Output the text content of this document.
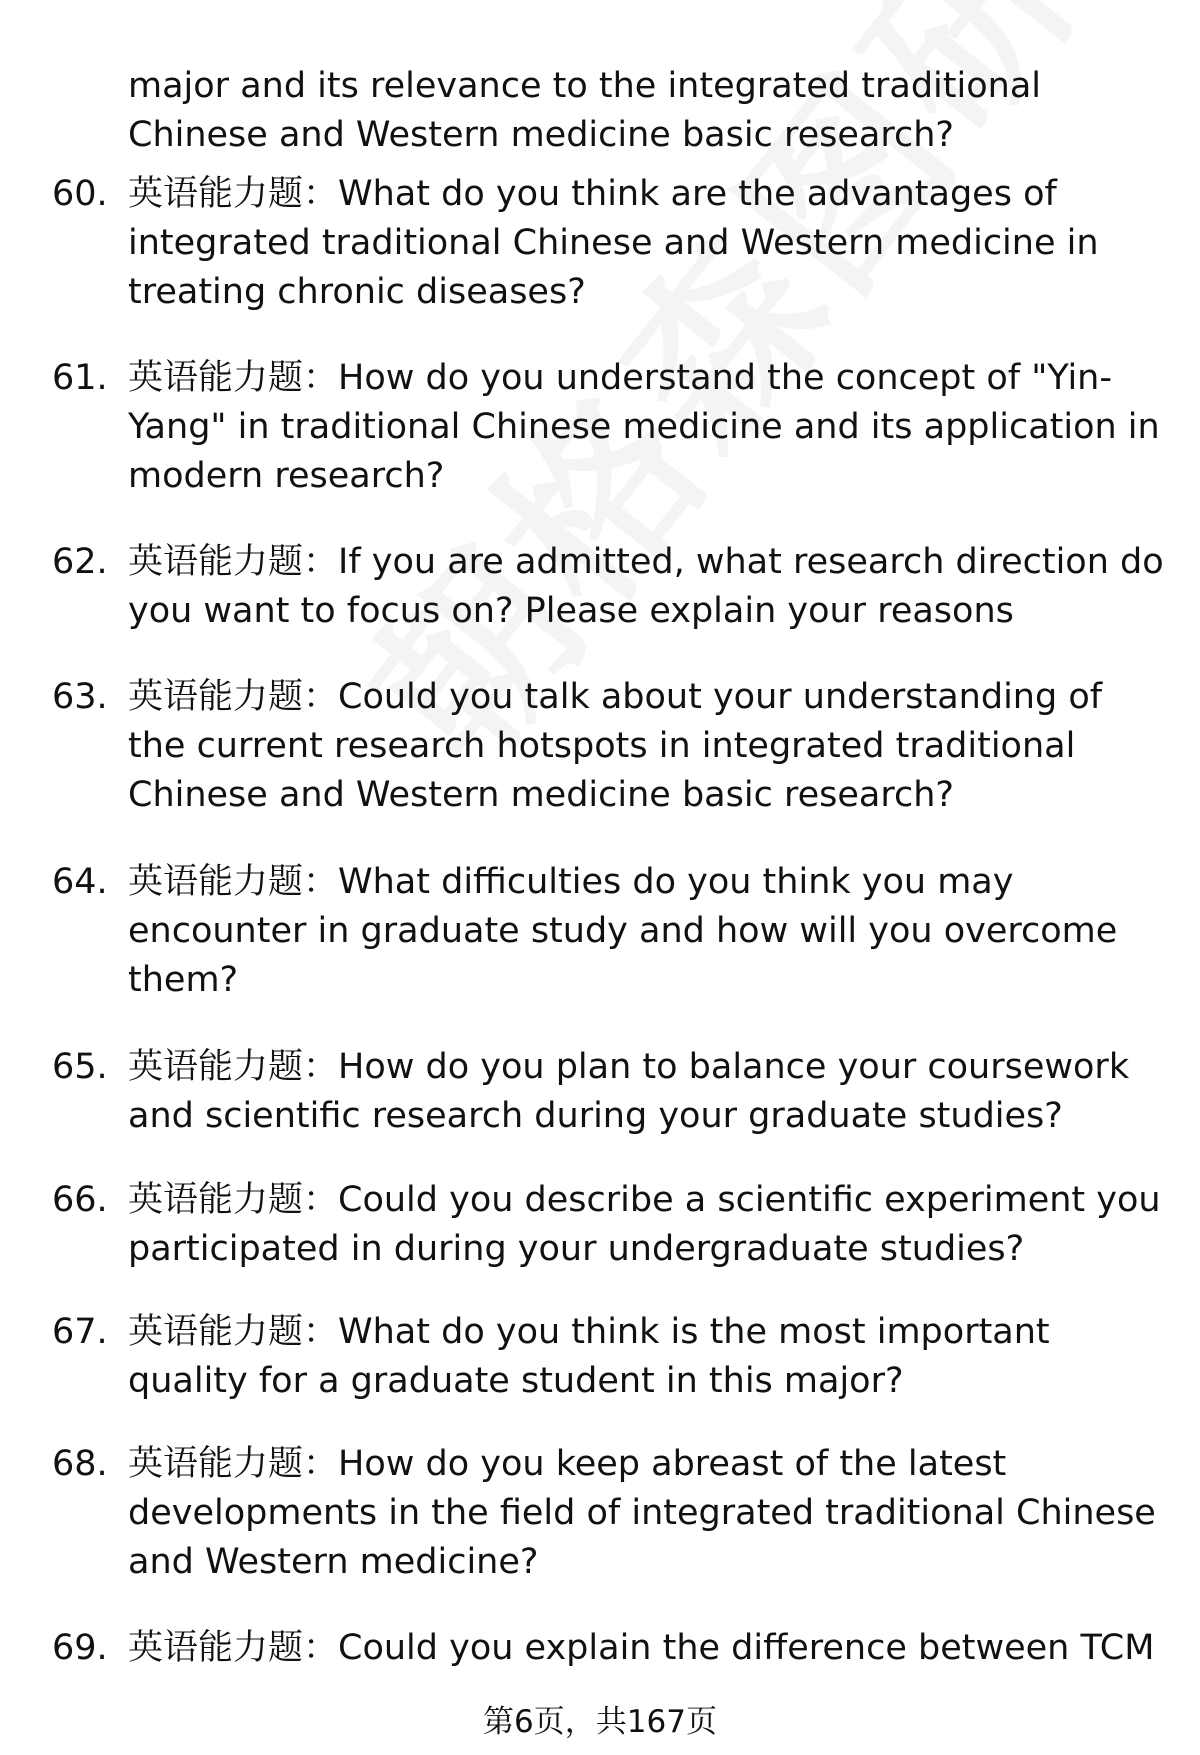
major and its relevance to the integrated traditional Chinese and Western medicine basic research?

60. 英语能力题：What do you think are the advantages of integrated traditional Chinese and Western medicine in treating chronic diseases?

61. 英语能力题：How do you understand the concept of "Yin-Yang" in traditional Chinese medicine and its application in modern research?

62. 英语能力题：If you are admitted, what research direction do you want to focus on? Please explain your reasons

63. 英语能力题：Could you talk about your understanding of the current research hotspots in integrated traditional Chinese and Western medicine basic research?

64. 英语能力题：What difficulties do you think you may encounter in graduate study and how will you overcome them?

65. 英语能力题：How do you plan to balance your coursework and scientific research during your graduate studies?

66. 英语能力题：Could you describe a scientific experiment you participated in during your undergraduate studies?

67. 英语能力题：What do you think is the most important quality for a graduate student in this major?

68. 英语能力题：How do you keep abreast of the latest developments in the field of integrated traditional Chinese and Western medicine?

69. 英语能力题：Could you explain the difference between TCM

第6页，共167页
